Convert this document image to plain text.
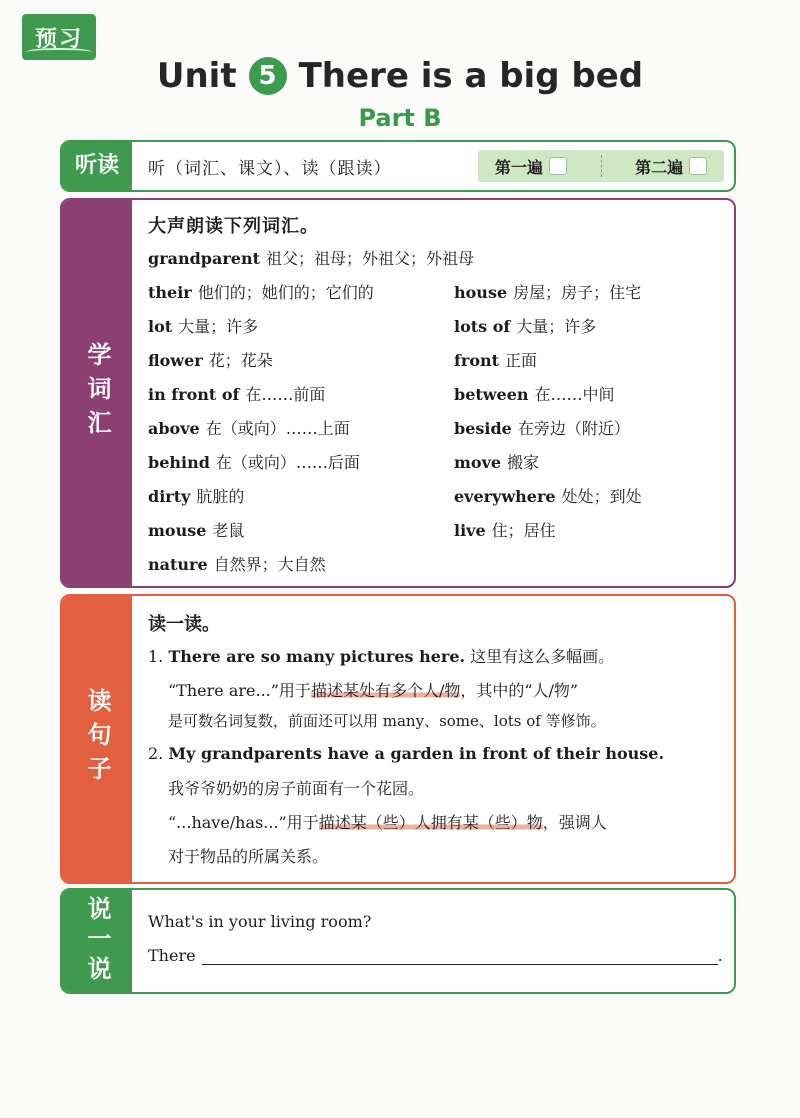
预习
Unit 5 There is a big bed
Part B
听读	听（词汇、课文）、读（跟读）	第一遍	第二遍
学词汇
大声朗读下列词汇。
grandparent 祖父；祖母；外祖父；外祖母
their 他们的；她们的；它们的	house 房屋；房子；住宅
lot 大量；许多	lots of 大量；许多
flower 花；花朵	front 正面
in front of 在……前面	between 在……中间
above 在（或向）……上面	beside 在旁边（附近）
behind 在（或向）……后面	move 搬家
dirty 肮脏的	everywhere 处处；到处
mouse 老鼠	live 住；居住
nature 自然界；大自然
读句子
读一读。
1. There are so many pictures here. 这里有这么多幅画。
“There are...”用于描述某处有多个人/物，其中的“人/物”
是可数名词复数，前面还可以用 many、some、lots of 等修饰。
2. My grandparents have a garden in front of their house.
我爷爷奶奶的房子前面有一个花园。
“...have/has...”用于描述某（些）人拥有某（些）物，强调人
对于物品的所属关系。
说一说 What's in your living room?
There	.
